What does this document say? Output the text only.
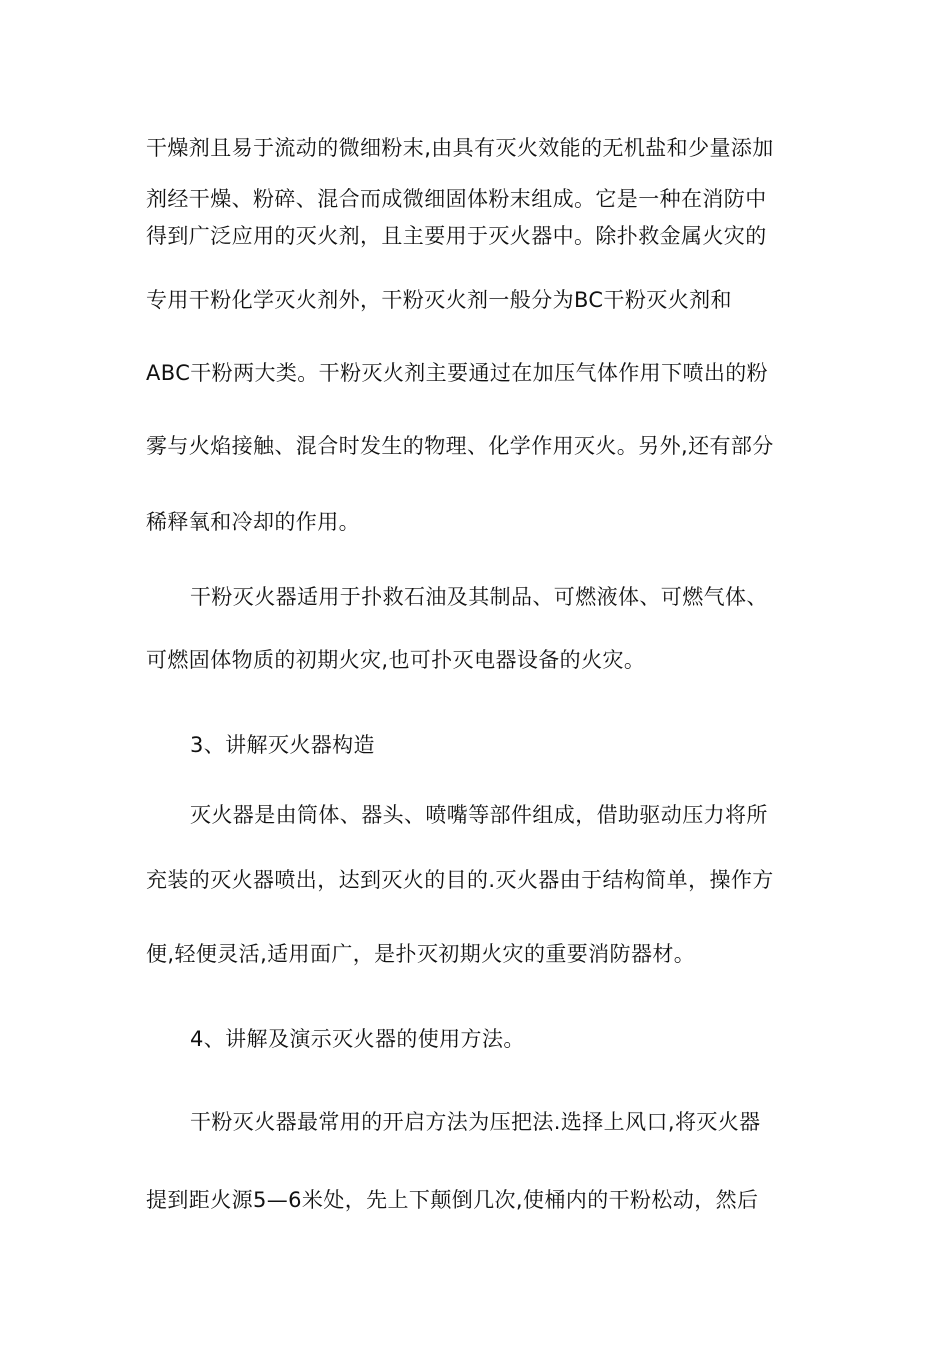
干燥剂且易于流动的微细粉末,由具有灭火效能的无机盐和少量添加
剂经干燥、粉碎、混合而成微细固体粉末组成。它是一种在消防中
得到广泛应用的灭火剂，且主要用于灭火器中。除扑救金属火灾的
专用干粉化学灭火剂外，干粉灭火剂一般分为BC干粉灭火剂和
ABC干粉两大类。干粉灭火剂主要通过在加压气体作用下喷出的粉
雾与火焰接触、混合时发生的物理、化学作用灭火。另外,还有部分
稀释氧和冷却的作用。
干粉灭火器适用于扑救石油及其制品、可燃液体、可燃气体、
可燃固体物质的初期火灾,也可扑灭电器设备的火灾。
3、讲解灭火器构造
灭火器是由筒体、器头、喷嘴等部件组成，借助驱动压力将所
充装的灭火器喷出，达到灭火的目的.灭火器由于结构简单，操作方
便,轻便灵活,适用面广，是扑灭初期火灾的重要消防器材。
4、讲解及演示灭火器的使用方法。
干粉灭火器最常用的开启方法为压把法.选择上风口,将灭火器
提到距火源5—6米处，先上下颠倒几次,使桶内的干粉松动，然后
